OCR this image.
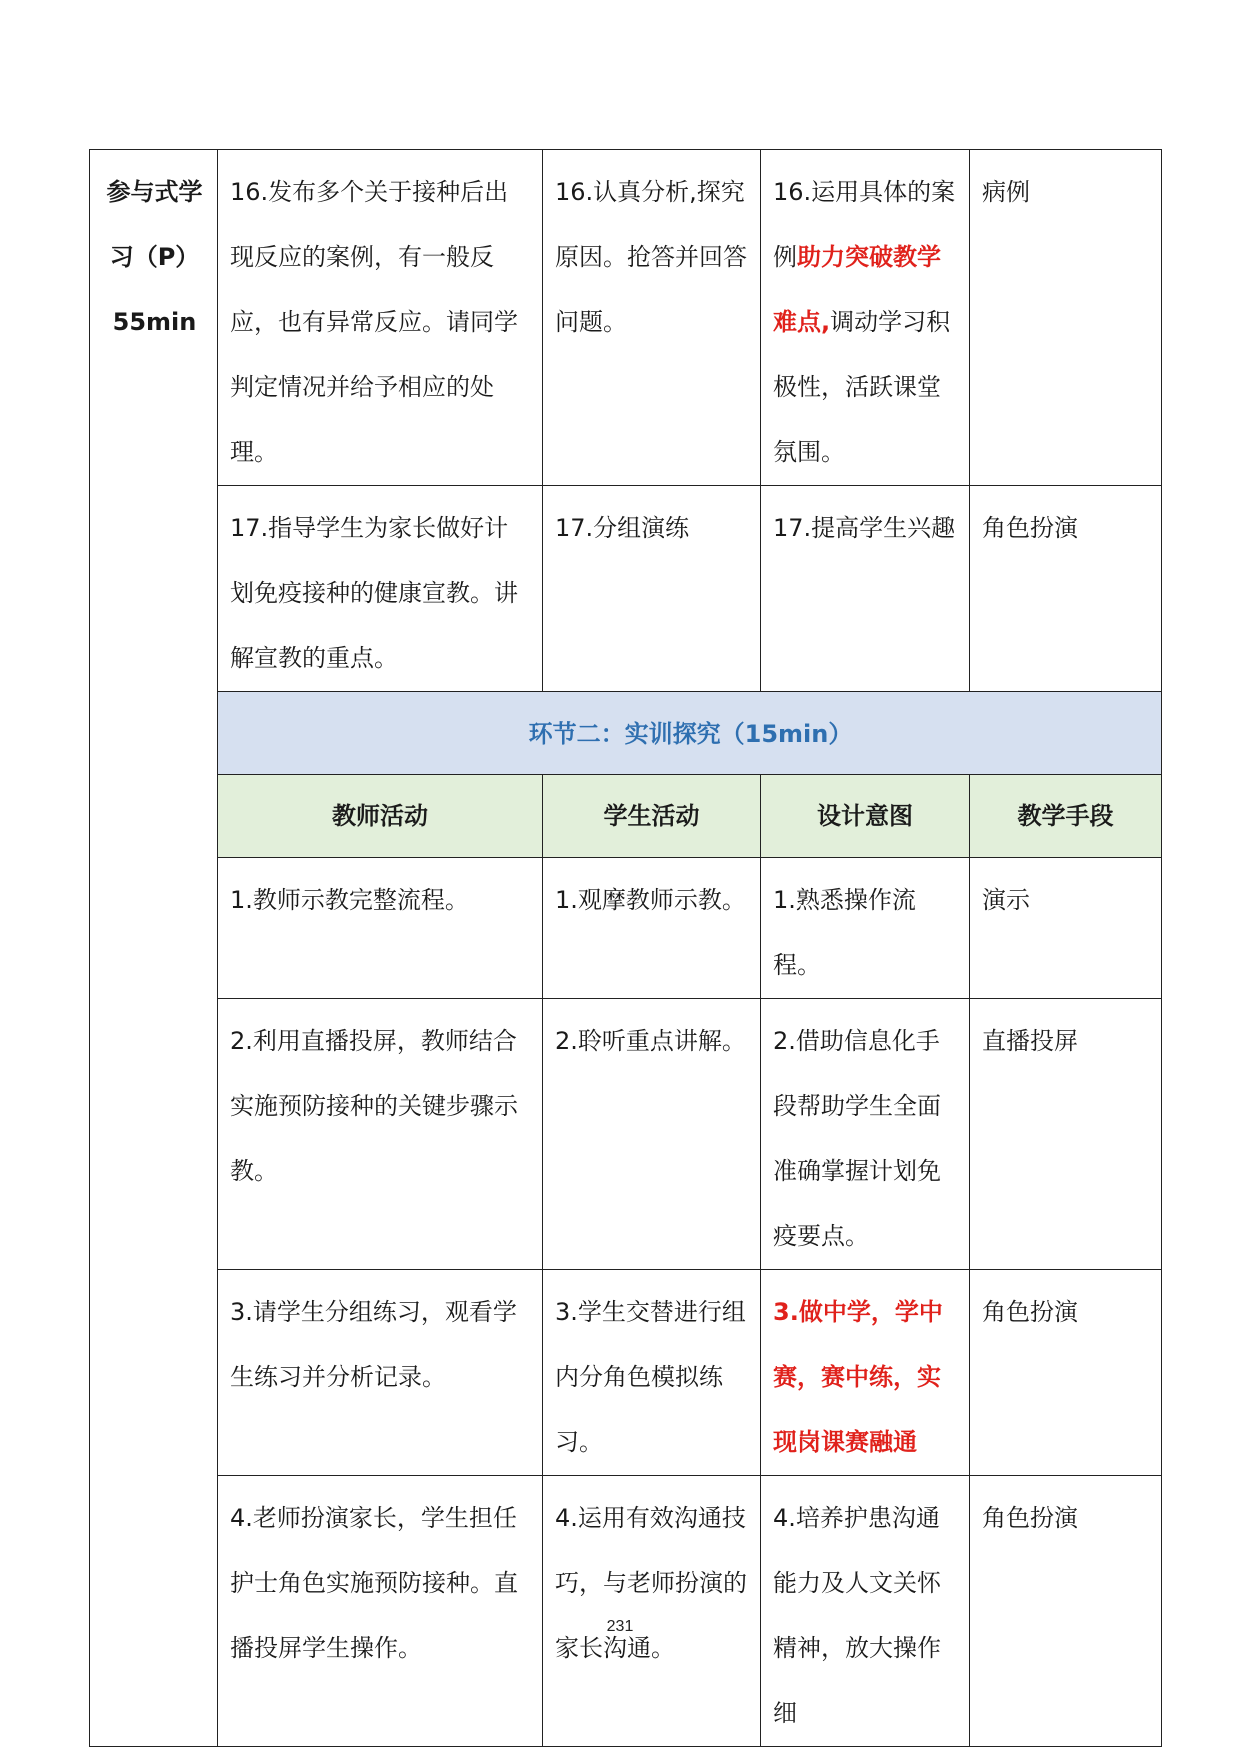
参与式学
习（P）
55min	16.发布多个关于接种后出现反应的案例，有一般反应，也有异常反应。请同学判定情况并给予相应的处理。	16.认真分析,探究原因。抢答并回答问题。	16.运用具体的案例助力突破教学难点,调动学习积极性，活跃课堂氛围。	病例
	17.指导学生为家长做好计划免疫接种的健康宣教。讲解宣教的重点。	17.分组演练	17.提高学生兴趣	角色扮演
	环节二：实训探究（15min）			
	教师活动	学生活动	设计意图	教学手段
	1.教师示教完整流程。	1.观摩教师示教。	1.熟悉操作流程。	演示
	2.利用直播投屏，教师结合实施预防接种的关键步骤示教。	2.聆听重点讲解。	2.借助信息化手段帮助学生全面准确掌握计划免疫要点。	直播投屏
	3.请学生分组练习，观看学生练习并分析记录。	3.学生交替进行组内分角色模拟练习。	3.做中学，学中赛，赛中练，实现岗课赛融通	角色扮演
	4.老师扮演家长，学生担任护士角色实施预防接种。直播投屏学生操作。	4.运用有效沟通技巧，与老师扮演的家长沟通。	4.培养护患沟通能力及人文关怀精神，放大操作细	角色扮演
231
